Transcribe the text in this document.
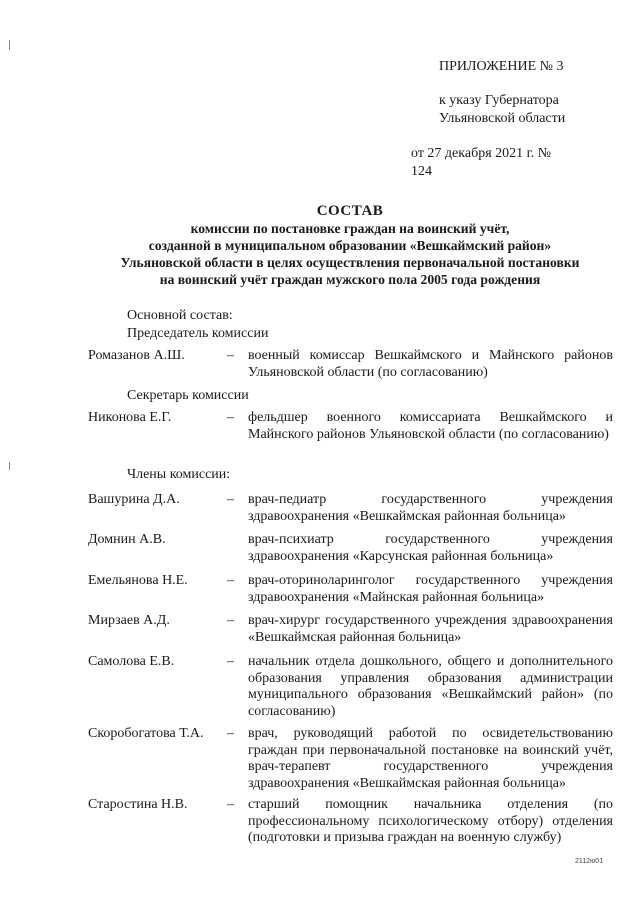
ПРИЛОЖЕНИЕ № 3
к указу Губернатора
Ульяновской области
от 27 декабря 2021 г. № 124
СОСТАВ
комиссии по постановке граждан на воинский учёт,
созданной в муниципальном образовании «Вешкаймский район»
Ульяновской области в целях осуществления первоначальной постановки
на воинский учёт граждан мужского пола 2005 года рождения
Основной состав:
Председатель комиссии
Ромазанов А.Ш.	– военный комиссар Вешкаймского и Майнского районов Ульяновской области (по согласованию)
Секретарь комиссии
Никонова Е.Г.	– фельдшер военного комиссариата Вешкаймского и Майнского районов Ульяновской области (по согласованию)
Члены комиссии:
Вашурина Д.А.	– врач-педиатр государственного учреждения здравоохранения «Вешкаймская районная больница»
Домнин А.В.	врач-психиатр государственного учреждения здравоохранения «Карсунская районная больница»
Емельянова Н.Е.	– врач-оториноларинголог государственного учреждения здравоохранения «Майнская районная больница»
Мирзаев А.Д.	– врач-хирург государственного учреждения здравоохранения «Вешкаймская районная больница»
Самолова Е.В.	– начальник отдела дошкольного, общего и дополнительного образования управления образования администрации муниципального образования «Вешкаймский район» (по согласованию)
Скоробогатова Т.А.	– врач, руководящий работой по освидетельствованию граждан при первоначальной постановке на воинский учёт, врач-терапевт государственного учреждения здравоохранения «Вешкаймская районная больница»
Старостина Н.В.	– старший помощник начальника отделения (по профессиональному психологическому отбору) отделения (подготовки и призыва граждан на военную службу)
2112ю01
